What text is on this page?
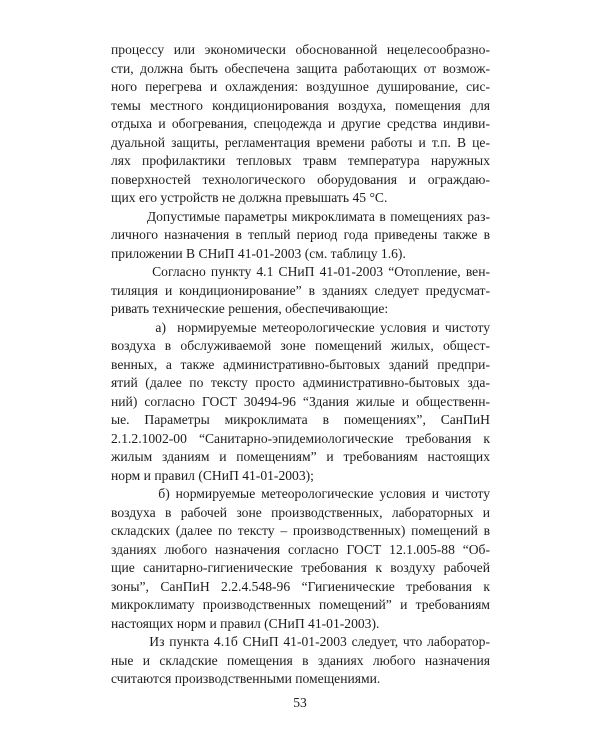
процессу или экономически обоснованной нецелесообразно-
сти, должна быть обеспечена защита работающих от возмож-
ного перегрева и охлаждения: воздушное душирование, сис-
темы местного кондиционирования воздуха, помещения для
отдыха и обогревания, спецодежда и другие средства индиви-
дуальной защиты, регламентация времени работы и т.п. В це-
лях профилактики тепловых травм температура наружных
поверхностей технологического оборудования и ограждаю-
щих его устройств не должна превышать 45 °С.

Допустимые параметры микроклимата в помещениях раз-
личного назначения в теплый период года приведены также в
приложении В СНиП 41-01-2003 (см. таблицу 1.6).

Согласно пункту 4.1 СНиП 41-01-2003 “Отопление, вен-
тиляция и кондиционирование” в зданиях следует предусмат-
ривать технические решения, обеспечивающие:

а)  нормируемые метеорологические условия и чистоту
воздуха в обслуживаемой зоне помещений жилых, общест-
венных, а также административно-бытовых зданий предпри-
ятий (далее по тексту просто административно-бытовых зда-
ний) согласно ГОСТ 30494-96 “Здания жилые и общественн-
ые. Параметры микроклимата в помещениях”, СанПиН
2.1.2.1002-00 “Санитарно-эпидемиологические требования к
жилым зданиям и помещениям” и требованиям настоящих
норм и правил (СНиП 41-01-2003);

б) нормируемые метеорологические условия и чистоту
воздуха в рабочей зоне производственных, лабораторных и
складских (далее по тексту – производственных) помещений в
зданиях любого назначения согласно ГОСТ 12.1.005-88 “Об-
щие санитарно-гигиенические требования к воздуху рабочей
зоны”, СанПиН 2.2.4.548-96 “Гигиенические требования к
микроклимату производственных помещений” и требованиям
настоящих норм и правил (СНиП 41-01-2003).

Из пункта 4.1б СНиП 41-01-2003 следует, что лаборатор-
ные и складские помещения в зданиях любого назначения
считаются производственными помещениями.

53
